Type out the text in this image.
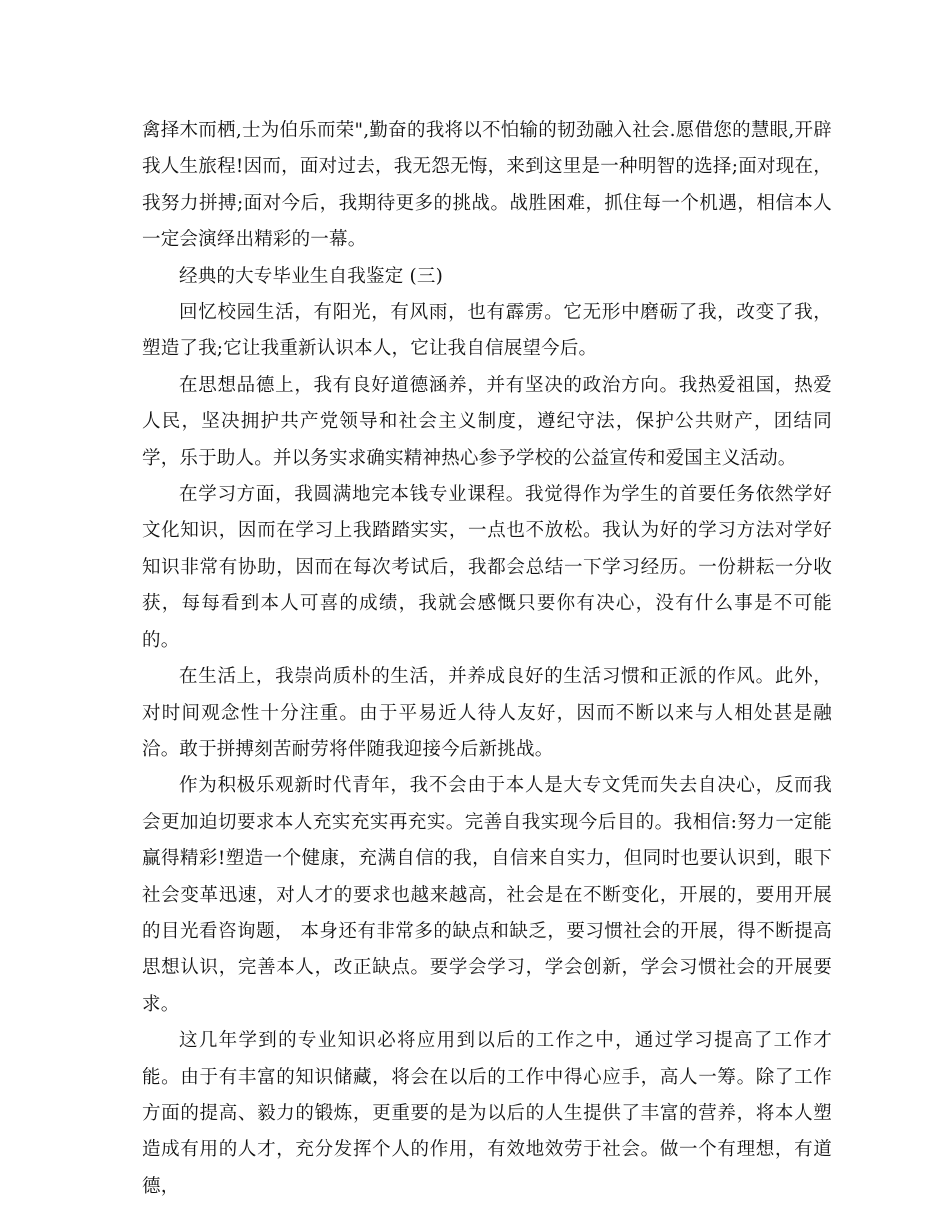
禽择木而栖,士为伯乐而荣",勤奋的我将以不怕输的韧劲融入社会.愿借您的慧眼,开辟我人生旅程!因而，面对过去，我无怨无悔，来到这里是一种明智的选择;面对现在，我努力拼搏;面对今后，我期待更多的挑战。战胜困难，抓住每一个机遇，相信本人一定会演绎出精彩的一幕。

经典的大专毕业生自我鉴定 (三)

回忆校园生活，有阳光，有风雨，也有霹雳。它无形中磨砺了我，改变了我，塑造了我;它让我重新认识本人，它让我自信展望今后。

在思想品德上，我有良好道德涵养，并有坚决的政治方向。我热爱祖国，热爱人民，坚决拥护共产党领导和社会主义制度，遵纪守法，保护公共财产，团结同学，乐于助人。并以务实求确实精神热心参予学校的公益宣传和爱国主义活动。

在学习方面，我圆满地完本钱专业课程。我觉得作为学生的首要任务依然学好文化知识，因而在学习上我踏踏实实，一点也不放松。我认为好的学习方法对学好知识非常有协助，因而在每次考试后，我都会总结一下学习经历。一份耕耘一分收获，每每看到本人可喜的成绩，我就会感慨只要你有决心，没有什么事是不可能的。

在生活上，我崇尚质朴的生活，并养成良好的生活习惯和正派的作风。此外，对时间观念性十分注重。由于平易近人待人友好，因而不断以来与人相处甚是融洽。敢于拼搏刻苦耐劳将伴随我迎接今后新挑战。

作为积极乐观新时代青年，我不会由于本人是大专文凭而失去自决心，反而我会更加迫切要求本人充实充实再充实。完善自我实现今后目的。我相信:努力一定能赢得精彩!塑造一个健康，充满自信的我，自信来自实力，但同时也要认识到，眼下社会变革迅速，对人才的要求也越来越高，社会是在不断变化，开展的，要用开展的目光看咨询题， 本身还有非常多的缺点和缺乏，要习惯社会的开展，得不断提高思想认识，完善本人，改正缺点。要学会学习，学会创新，学会习惯社会的开展要求。

这几年学到的专业知识必将应用到以后的工作之中，通过学习提高了工作才能。由于有丰富的知识储藏，将会在以后的工作中得心应手，高人一筹。除了工作方面的提高、毅力的锻炼，更重要的是为以后的人生提供了丰富的营养，将本人塑造成有用的人才，充分发挥个人的作用，有效地效劳于社会。做一个有理想，有道德，
